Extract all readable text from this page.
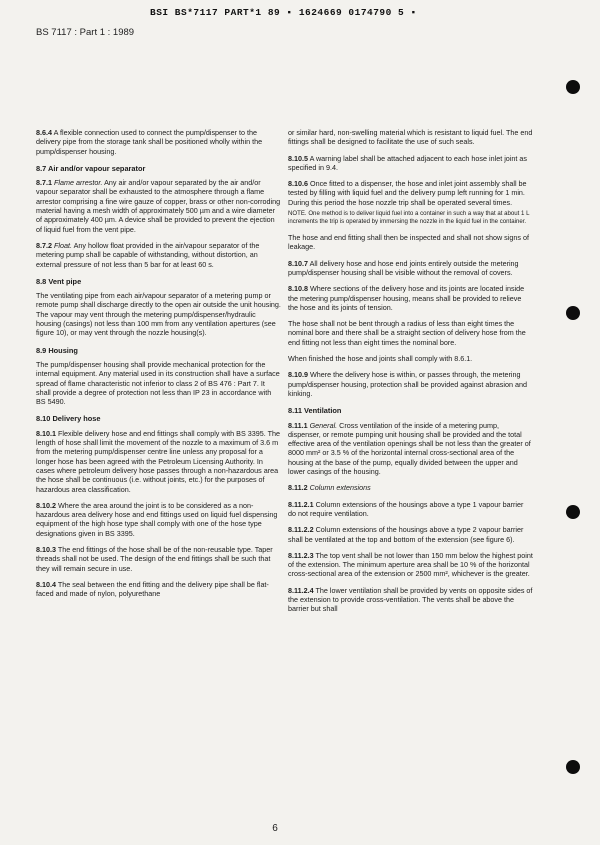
BSI BS*7117 PART*1 89 ▪ 1624669 0174790 5 ▪
BS 7117 : Part 1 : 1989
8.6.4 A flexible connection used to connect the pump/dispenser to the delivery pipe from the storage tank shall be positioned wholly within the pump/dispenser housing.
8.7 Air and/or vapour separator
8.7.1 Flame arrestor. Any air and/or vapour separated by the air and/or vapour separator shall be exhausted to the atmosphere through a flame arrestor comprising a fine wire gauze of copper, brass or other non-corroding material having a mesh width of approximately 500 µm and a wire diameter of approximately 400 µm. A device shall be provided to prevent the ejection of liquid fuel from the vent pipe.
8.7.2 Float. Any hollow float provided in the air/vapour separator of the metering pump shall be capable of withstanding, without distortion, an external pressure of not less than 5 bar for at least 60 s.
8.8 Vent pipe
The ventilating pipe from each air/vapour separator of a metering pump or remote pump shall discharge directly to the open air outside the unit housing. The vapour may vent through the metering pump/dispenser/hydraulic housing (casings) not less than 100 mm from any ventilation apertures (see figure 10), or may vent through the nozzle housing(s).
8.9 Housing
The pump/dispenser housing shall provide mechanical protection for the internal equipment. Any material used in its construction shall have a surface spread of flame characteristic not inferior to class 2 of BS 476 : Part 7. It shall provide a degree of protection not less than IP 23 in accordance with BS 5490.
8.10 Delivery hose
8.10.1 Flexible delivery hose and end fittings shall comply with BS 3395. The length of hose shall limit the movement of the nozzle to a maximum of 3.6 m from the metering pump/dispenser centre line unless any proposal for a longer hose has been agreed with the Petroleum Licensing Authority. In cases where petroleum delivery hose passes through a non-hazardous area the hose shall be continuous (i.e. without joints, etc.) for the purposes of hazardous area classification.
8.10.2 Where the area around the joint is to be considered as a non-hazardous area delivery hose and end fittings used on liquid fuel dispensing equipment of the high hose type shall comply with one of the hose type designations given in BS 3395.
8.10.3 The end fittings of the hose shall be of the non-reusable type. Taper threads shall not be used. The design of the end fittings shall be such that they will remain secure in use.
8.10.4 The seal between the end fitting and the delivery pipe shall be flat-faced and made of nylon, polyurethane
or similar hard, non-swelling material which is resistant to liquid fuel. The end fittings shall be designed to facilitate the use of such seals.
8.10.5 A warning label shall be attached adjacent to each hose inlet joint as specified in 9.4.
8.10.6 Once fitted to a dispenser, the hose and inlet joint assembly shall be tested by filling with liquid fuel and the delivery pump left running for 1 min. During this period the hose nozzle trip shall be operated several times.
NOTE. One method is to deliver liquid fuel into a container in such a way that at about 1 L increments the trip is operated by immersing the nozzle in the liquid fuel in the container.
The hose and end fitting shall then be inspected and shall not show signs of leakage.
8.10.7 All delivery hose and hose end joints entirely outside the metering pump/dispenser housing shall be visible without the removal of covers.
8.10.8 Where sections of the delivery hose and its joints are located inside the metering pump/dispenser housing, means shall be provided to relieve the hose and its joints of tension.
The hose shall not be bent through a radius of less than eight times the nominal bore and there shall be a straight section of delivery hose from the end fitting not less than eight times the nominal bore.
When finished the hose and joints shall comply with 8.6.1.
8.10.9 Where the delivery hose is within, or passes through, the metering pump/dispenser housing, protection shall be provided against abrasion and kinking.
8.11 Ventilation
8.11.1 General. Cross ventilation of the inside of a metering pump, dispenser, or remote pumping unit housing shall be provided and the total effective area of the ventilation openings shall be not less than the greater of 8000 mm² or 3.5 % of the horizontal internal cross-sectional area of the housing at the base of the pump, equally divided between the upper and lower casings of the housing.
8.11.2 Column extensions
8.11.2.1 Column extensions of the housings above a type 1 vapour barrier do not require ventilation.
8.11.2.2 Column extensions of the housings above a type 2 vapour barrier shall be ventilated at the top and bottom of the extension (see figure 6).
8.11.2.3 The top vent shall be not lower than 150 mm below the highest point of the extension. The minimum aperture area shall be 10 % of the horizontal cross-sectional area of the extension or 2500 mm², whichever is the greater.
8.11.2.4 The lower ventilation shall be provided by vents on opposite sides of the extension to provide cross-ventilation. The vents shall be above the barrier but shall
6
